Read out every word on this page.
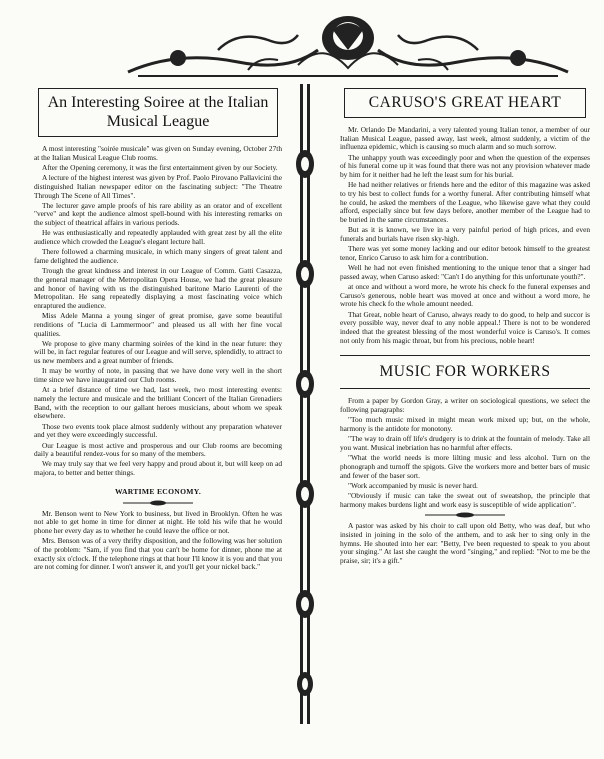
An Interesting Soiree at the Italian Musical League

A most interesting "soirée musicale" was given on Sunday evening, October 27th at the Italian Musical League Club rooms.

After the Opening ceremony, it was the first entertainment given by our Society.

A lecture of the highest interest was given by Prof. Paolo Pirovano Pallavicini the distinguished Italian newspaper editor on the fascinating subject: "The Theatre Through The Scene of All Times".

The lecturer gave ample proofs of his rare ability as an orator and of excellent "verve" and kept the audience almost spell-bound with his interesting remarks on the subject of theatrical affairs in various periods.

He was enthusiastically and repeatedly applauded with great zest by all the elite audience which crowded the League's elegant lecture hall.

There followed a charming musicale, in which many singers of great talent and fame delighted the audience.

Trough the great kindness and interest in our League of Comm. Gatti Casazza, the general manager of the Metropolitan Opera House, we had the great pleasure and honor of having with us the distinguished baritone Mario Laurenti of the Metropolitan. He sang repeatedly displaying a most fascinating voice which enraptured the audience.

Miss Adele Manna a young singer of great promise, gave some beautiful renditions of "Lucia di Lammermoor" and pleased us all with her fine vocal qualities.

We propose to give many charming soirées of the kind in the near future: they will be, in fact regular features of our League and will serve, splendidly, to attract to us new members and a great number of friends.

It may be worthy of note, in passing that we have done very well in the short time since we have inaugurated our Club rooms.

At a brief distance of time we had, last week, two most interesting events: namely the lecture and musicale and the brilliant Concert of the Italian Grenadiers Band, with the reception to our gallant heroes musicians, about whom we speak elsewhere.

Those two events took place almost suddenly without any preparation whatever and yet they were exceedingly successful.

Our League is most active and prosperous and our Club rooms are becoming daily a beautiful rendez-vous for so many of the members.

We may truly say that we feel very happy and proud about it, but will keep on ad majora, to better and better things.

WARTIME ECONOMY.

Mr. Benson went to New York to business, but lived in Brooklyn. Often he was not able to get home in time for dinner at night. He told his wife that he would phone her every day as to whether he could leave the office or not.

Mrs. Benson was of a very thrifty disposition, and the following was her solution of the problem: "Sam, if you find that you can't be home for dinner, phone me at exactly six o'clock. If the telephone rings at that hour I'll know it is you and that you are not coming for dinner. I won't answer it, and you'll get your nickel back."

CARUSO'S GREAT HEART

Mr. Orlando De Mandarini, a very talented young Italian tenor, a member of our Italian Musical League, passed away, last week, almost suddenly, a victim of the influenza epidemic, which is causing so much alarm and so much sorrow.

The unhappy youth was exceedingly poor and when the question of the expenses of his funeral come up it was found that there was not any provision whatever made by him for it neither had he left the least sum for his burial.

He had neither relatives or friends here and the editor of this magazine was asked to try his best to collect funds for a worthy funeral. After contributing himself what he could, he asked the members of the League, who likewise gave what they could afford, especially since but few days before, another member of the League had to be buried in the same circumstances.

But as it is known, we live in a very painful period of high prices, and even funerals and burials have risen sky-high.

There was yet some money lacking and our editor betook himself to the greatest tenor, Enrico Caruso to ask him for a contribution.

Well he had not even finished mentioning to the unique tenor that a singer had passed away, when Caruso asked: "Can't I do anything for this unfortunate youth?".

at once and without a word more, he wrote his check fo the funeral expenses and Caruso's generous, noble heart was moved at once and without a word more, he wrote his check fo the whole amount needed.

That Great, noble heart of Caruso, always ready to do good, to help and succor is every possible way, never deaf to any noble appeal.! There is not to be wondered indeed that the greatest blessing of the most wonderful voice is Caruso's. It comes not only from his magic throat, but from his precious, noble heart!

MUSIC FOR WORKERS

From a paper by Gordon Gray, a writer on sociological questions, we select the following paragraphs:

"Too much music mixed in might mean work mixed up; but, on the whole, harmony is the antidote for monotony.

"The way to drain off life's drudgery is to drink at the fountain of melody. Take all you want. Musical inebriation has no harmful after effects.

"What the world needs is more lilting music and less alcohol. Turn on the phonograph and turnoff the spigots. Give the workers more and better bars of music and fewer of the baser sort.

"Work accompanied by music is never hard.

"Obviously if music can take the sweat out of sweatshop, the principle that harmony makes burdens light and work easy is susceptible of wide application".

A pastor was asked by his choir to call upon old Betty, who was deaf, but who insisted in joining in the solo of the anthem, and to ask her to sing only in the hymns. He shouted into her ear: "Betty, I've been requested to speak to you about your singing." At last she caught the word "singing," and replied: "Not to me be the praise, sir; it's a gift."
